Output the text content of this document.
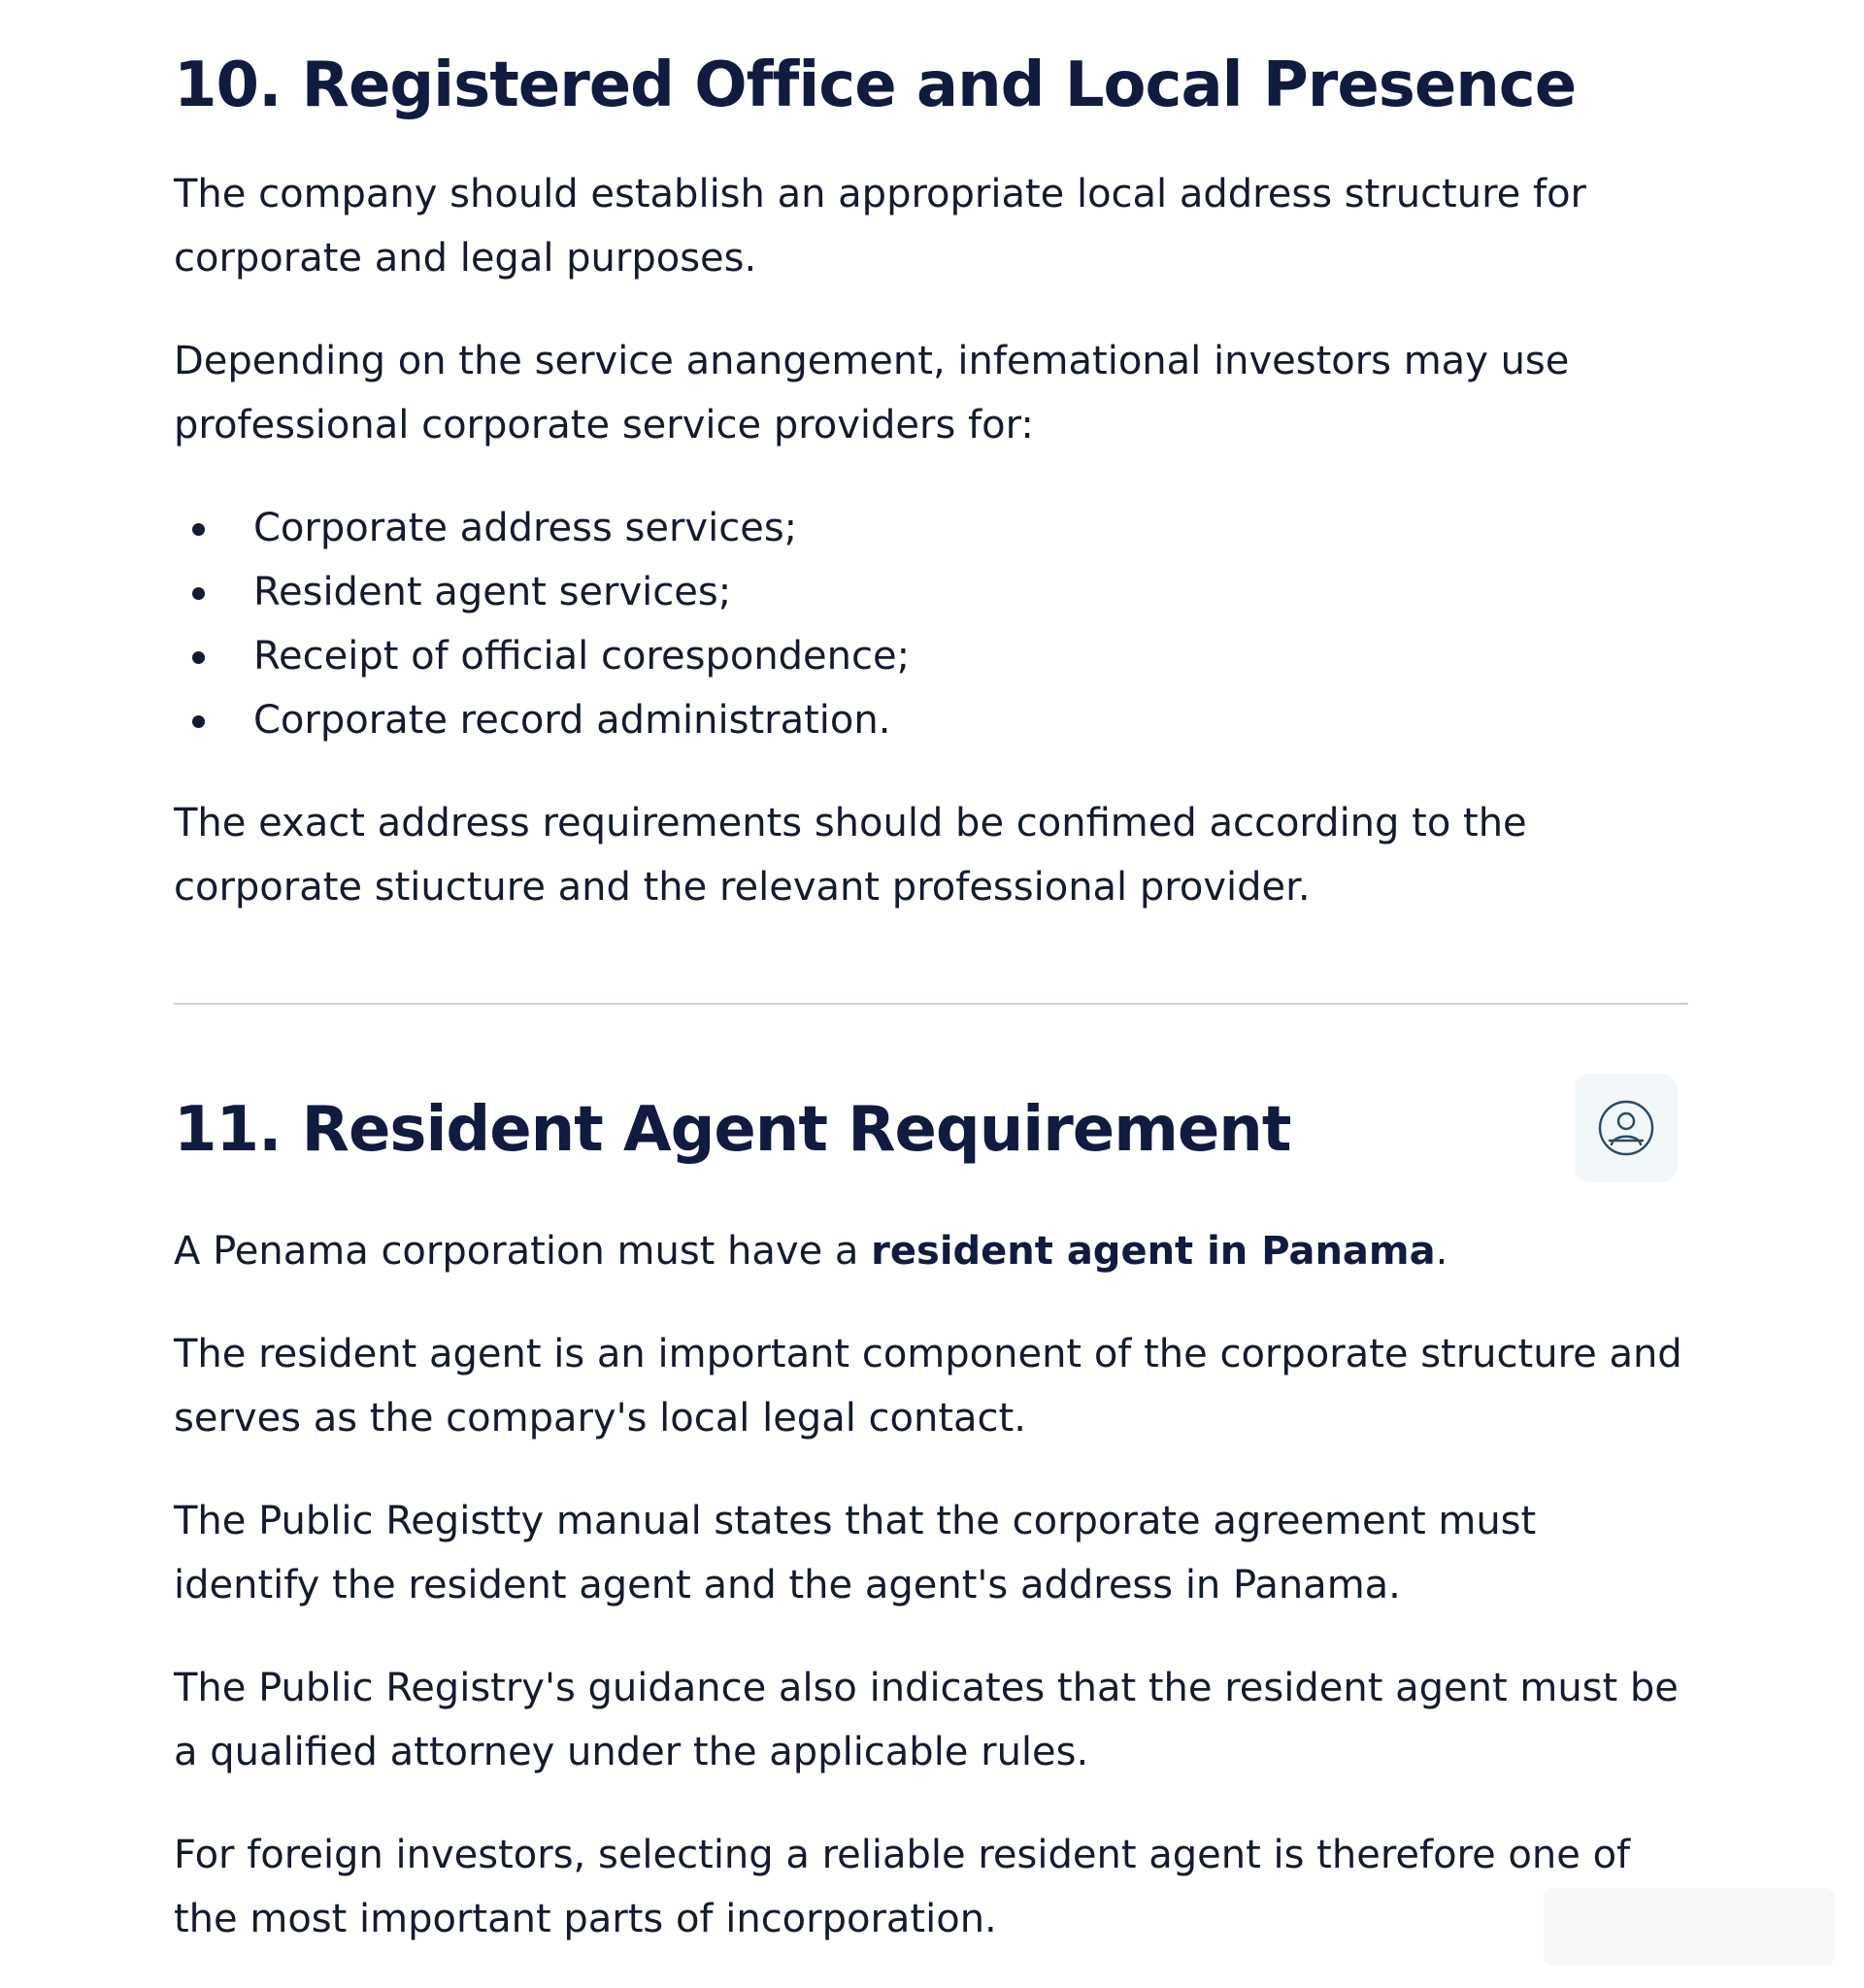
10. Registered Office and Local Presence

The company should establish an appropriate local address structure for corporate and legal purposes.

Depending on the service anangement, infemational investors may use professional corporate service providers for:

Corporate address services;
Resident agent services;
Receipt of official corespondence;
Corporate record administration.

The exact address requirements should be confimed according to the corporate stiucture and the relevant professional provider.

11. Resident Agent Requirement

A Penama corporation must have a resident agent in Panama.

The resident agent is an important component of the corporate structure and serves as the compary's local legal contact.

The Public Registty manual states that the corporate agreement must identify the resident agent and the agent's address in Panama.

The Public Registry's guidance also indicates that the resident agent must be a qualified attorney under the applicable rules.

For foreign investors, selecting a reliable resident agent is therefore one of the most important parts of incorporation.
